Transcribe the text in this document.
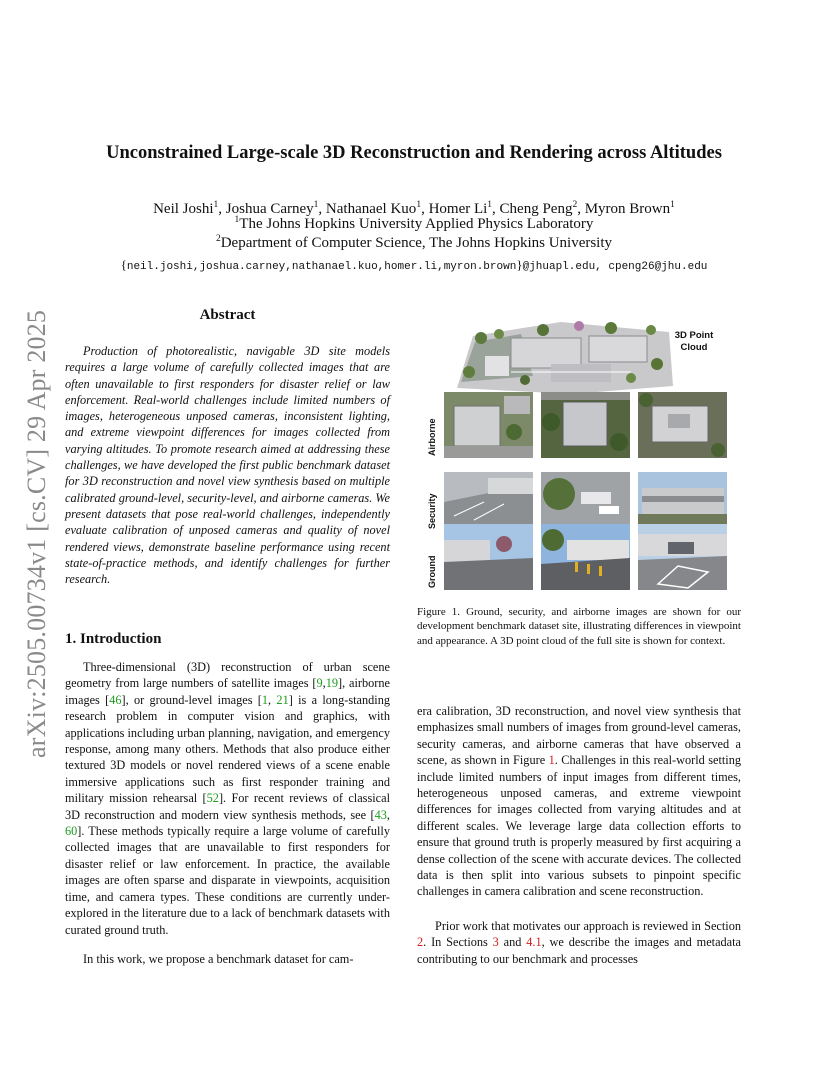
arXiv:2505.00734v1 [cs.CV] 29 Apr 2025
Unconstrained Large-scale 3D Reconstruction and Rendering across Altitudes
Neil Joshi$^1$, Joshua Carney$^1$, Nathanael Kuo$^1$, Homer Li$^1$, Cheng Peng$^2$, Myron Brown$^1$
$^1$The Johns Hopkins University Applied Physics Laboratory
$^2$Department of Computer Science, The Johns Hopkins University
{neil.joshi,joshua.carney,nathanael.kuo,homer.li,myron.brown}@jhuapl.edu, cpeng26@jhu.edu
Abstract
Production of photorealistic, navigable 3D site models requires a large volume of carefully collected images that are often unavailable to first responders for disaster relief or law enforcement. Real-world challenges include limited numbers of images, heterogeneous unposed cameras, inconsistent lighting, and extreme viewpoint differences for images collected from varying altitudes. To promote research aimed at addressing these challenges, we have developed the first public benchmark dataset for 3D reconstruction and novel view synthesis based on multiple calibrated ground-level, security-level, and airborne cameras. We present datasets that pose real-world challenges, independently evaluate calibration of unposed cameras and quality of novel rendered views, demonstrate baseline performance using recent state-of-practice methods, and identify challenges for further research.
1. Introduction
Three-dimensional (3D) reconstruction of urban scene geometry from large numbers of satellite images [9,19], airborne images [46], or ground-level images [1, 21] is a long-standing research problem in computer vision and graphics, with applications including urban planning, navigation, and emergency response, among many others. Methods that also produce either textured 3D models or novel rendered views of a scene enable immersive applications such as first responder training and military mission rehearsal [52]. For recent reviews of classical 3D reconstruction and modern view synthesis methods, see [43, 60]. These methods typically require a large volume of carefully collected images that are unavailable to first responders for disaster relief or law enforcement. In practice, the available images are often sparse and disparate in viewpoints, acquisition time, and camera types. These conditions are currently under-explored in the literature due to a lack of benchmark datasets with curated ground truth.
In this work, we propose a benchmark dataset for cam-
3D Point
Cloud
Airborne
Security
Ground
Figure 1. Ground, security, and airborne images are shown for our development benchmark dataset site, illustrating differences in viewpoint and appearance. A 3D point cloud of the full site is shown for context.
era calibration, 3D reconstruction, and novel view synthesis that emphasizes small numbers of images from ground-level cameras, security cameras, and airborne cameras that have observed a scene, as shown in Figure 1. Challenges in this real-world setting include limited numbers of input images from different times, heterogeneous unposed cameras, and extreme viewpoint differences for images collected from varying altitudes and at different scales. We leverage large data collection efforts to ensure that ground truth is properly measured by first acquiring a dense collection of the scene with accurate devices. The collected data is then split into various subsets to pinpoint specific challenges in camera calibration and scene reconstruction.
Prior work that motivates our approach is reviewed in Section 2. In Sections 3 and 4.1, we describe the images and metadata contributing to our benchmark and processes
